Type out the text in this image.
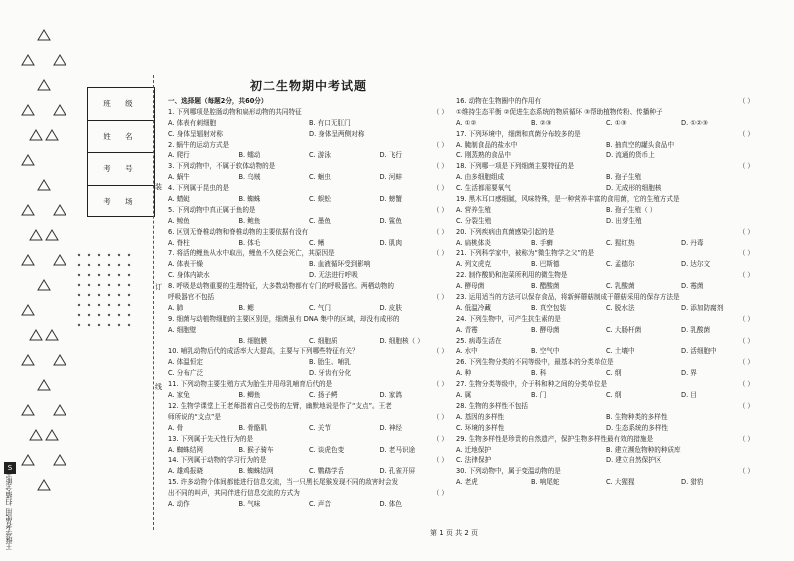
班 级
姓 名
考 号
考 场
装
订
线
S
王继学者使用 扫描全能王
初二生物期中考试题
一、选择题（每题2分，共60分）
1. 下列哪项是腔肠动物和扁形动物的共同特征	（ ）
A. 体表有刺细胞	B. 有口无肛门
C. 身体呈辐射对称	D. 身体呈两侧对称
2. 蜗牛的运动方式是	（ ）
A. 爬行	B. 蠕动	C. 游泳	D. 飞行
3. 下列动物中，不属于软体动物的是	（ ）
A. 蜗牛	B. 乌贼	C. 蛔虫	D. 河蚌
4. 下列属于昆虫的是	（ ）
A. 蜻蜓	B. 蜘蛛	C. 蜈蚣	D. 螃蟹
5. 下列动物中真正属于鱼的是	（ ）
A. 鲸鱼	B. 鲍鱼	C. 墨鱼	D. 鲨鱼
6. 区别无脊椎动物和脊椎动物的主要依据有没有	（ ）
A. 脊柱	B. 体毛	C. 鳍	D. 肌肉
7. 将活的鲤鱼从水中取出，鲤鱼不久便会死亡，其原因是	（ ）
A. 体表干燥	B. 血液循环受到影响
C. 身体内缺水	D. 无法进行呼吸
8. 呼吸是动物重要的生理特征，大多数动物都有专门的呼吸器官。两栖动物的
呼吸器官不包括	（ ）
A. 肺	B. 鳃	C. 气门	D. 皮肤
9. 细菌与动植物细胞的主要区别是，细菌虽有 DNA 集中的区域，却没有成形的
A. 细胞壁
B. 细胞膜	C. 细胞质	D. 细胞核（ ）
10. 哺乳动物后代的成活率大大提高，主要与下列哪些特征有关？	（ ）
A. 体温恒定	B. 胎生、哺乳
C. 分布广泛	D. 牙齿有分化
11. 下列动物主要生殖方式为胎生并用母乳哺育后代的是	（ ）
A. 家兔	B. 鲫鱼	C. 扬子鳄	D. 家鸽
12. 生物学课堂上王老师指着自己受伤的左臂，幽默地说是作了“支点”。王老
师所说的“支点”是	（ ）
A. 骨	B. 骨骼肌	C. 关节	D. 神经
13. 下列属于先天性行为的是	（ ）
A. 蜘蛛结网	B. 猴子骑车	C. 谈虎色变	D. 老马识途
14. 下列属于动物的学习行为的是	（ ）
A. 雄鸡报晓	B. 蜘蛛结网	C. 鹦鹉学舌	D. 孔雀开屏
15. 许多动物个体间都能进行信息交流，当一只黑长尾猴发现不同的敌害时会发
出不同的叫声，其同伴进行信息交流的方式为	（ ）
A. 动作	B. 气味	C. 声音	D. 体色
16. 动物在生物圈中的作用有	（ ）
①维持生态平衡 ②促进生态系统的物质循环 ③帮助植物传粉、传播种子
A. ①②	B. ②③	C. ①③	D. ①②③
17. 下列环境中，细菌和真菌分布较多的是	（ ）
A. 腌制食品的盐水中	B. 抽真空的罐头食品中
C. 刚蒸熟的食品中	D. 流通的货币上
18. 下列哪一项是下列细菌主要特征的是	（ ）
A. 由多细胞组成	B. 孢子生殖
C. 生活都需要氧气	D. 无成形的细胞核
19. 黑木耳口感细腻，风味特殊，是一种营养丰富的食用菌，它的生殖方式是
A. 营养生殖	B. 孢子生殖（ ）
C. 分裂生殖	D. 出芽生殖
20. 下列疾病由真菌感染引起的是	（ ）
A. 扁桃体炎	B. 手癣	C. 猩红热	D. 丹毒
21. 下列科学家中，被称为“微生物学之父”的是	（ ）
A. 列文虎克	B. 巴斯德	C. 孟德尔	D. 达尔文
22. 制作酸奶和泡菜所利用的微生物是	（ ）
A. 酵母菌	B. 醋酸菌	C. 乳酸菌	D. 霉菌
23. 运用适当的方法可以保存食品，将新鲜蘑菇制成干蘑菇采用的保存方法是
A. 低温冷藏	B. 真空包装	C. 脱水法	D. 添加防腐剂
24. 下列生物中，可产生抗生素的是	（ ）
A. 青霉	B. 酵母菌	C. 大肠杆菌	D. 乳酸菌
25. 病毒生活在	（ ）
A. 水中	B. 空气中	C. 土壤中	D. 活细胞中
26. 下列生物分类的不同等级中，最基本的分类单位是	（ ）
A. 种	B. 科	C. 纲	D. 界
27. 生物分类等级中，介于科和种之间的分类单位是	（ ）
A. 属	B. 门	C. 纲	D. 目
28. 生物的多样性不包括	（ ）
A. 基因的多样性	B. 生物种类的多样性
C. 环境的多样性	D. 生态系统的多样性
29. 生物多样性是珍贵的自然遗产，保护生物多样性最有效的措施是	（ ）
A. 迁地保护	B. 建立濒危物种的种质库
C. 法律保护	D. 建立自然保护区
30. 下列动物中，属于变温动物的是	（ ）
A. 老虎	B. 响尾蛇	C. 大猩猩	D. 猎豹
第 1 页 共 2 页
